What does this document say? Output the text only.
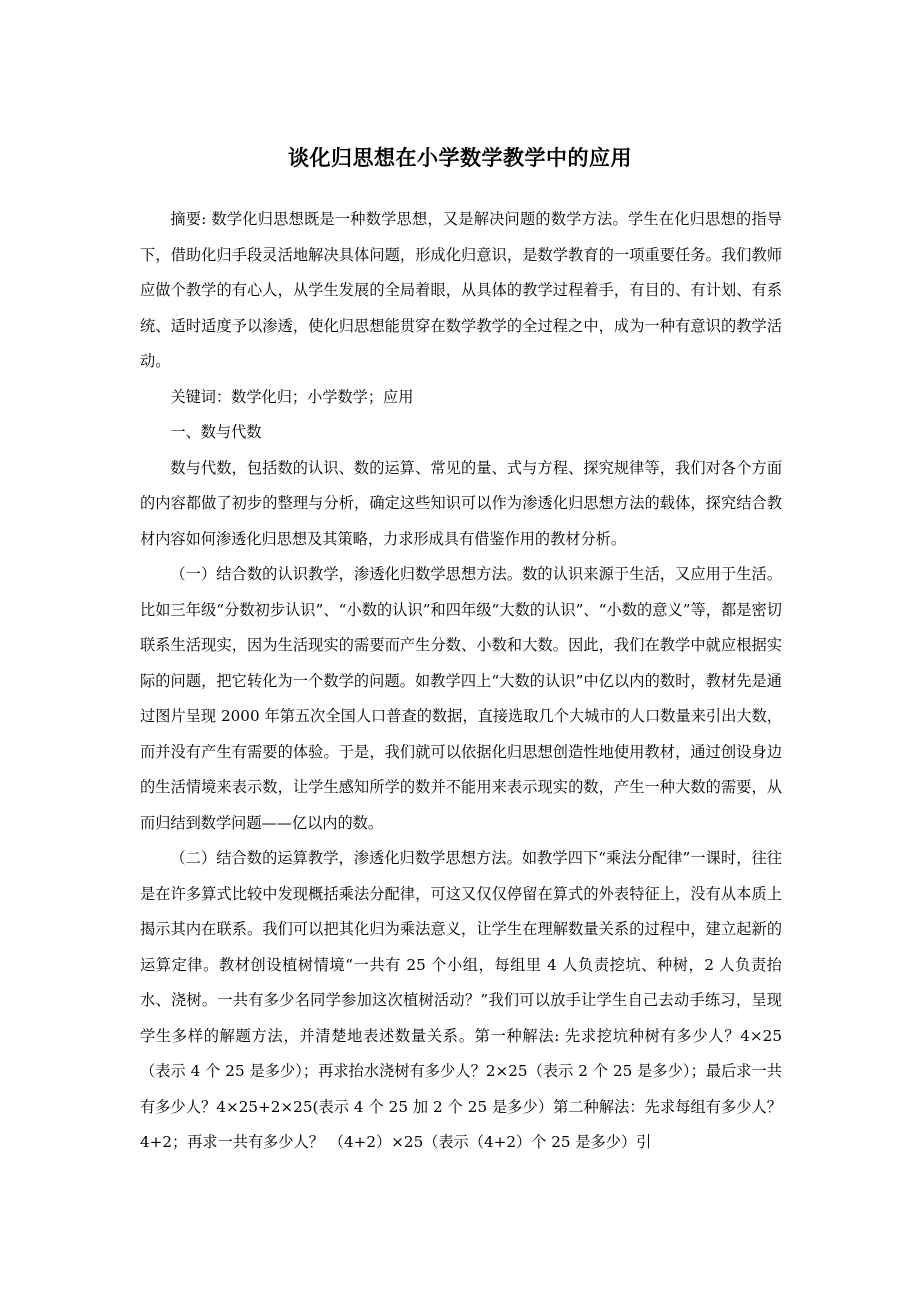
谈化归思想在小学数学教学中的应用

摘要: 数学化归思想既是一种数学思想，又是解决问题的数学方法。学生在化归思想的指导下，借助化归手段灵活地解决具体问题，形成化归意识，是数学教育的一项重要任务。我们教师应做个教学的有心人，从学生发展的全局着眼，从具体的教学过程着手，有目的、有计划、有系统、适时适度予以渗透，使化归思想能贯穿在数学教学的全过程之中，成为一种有意识的教学活动。

关键词：数学化归；小学数学；应用

一、数与代数

数与代数，包括数的认识、数的运算、常见的量、式与方程、探究规律等，我们对各个方面的内容都做了初步的整理与分析，确定这些知识可以作为渗透化归思想方法的载体，探究结合教材内容如何渗透化归思想及其策略，力求形成具有借鉴作用的教材分析。

（一）结合数的认识教学，渗透化归数学思想方法。数的认识来源于生活，又应用于生活。比如三年级“分数初步认识”、“小数的认识”和四年级“大数的认识”、“小数的意义”等，都是密切联系生活现实，因为生活现实的需要而产生分数、小数和大数。因此，我们在教学中就应根据实际的问题，把它转化为一个数学的问题。如教学四上“大数的认识”中亿以内的数时，教材先是通过图片呈现 2000 年第五次全国人口普查的数据，直接选取几个大城市的人口数量来引出大数，而并没有产生有需要的体验。于是，我们就可以依据化归思想创造性地使用教材，通过创设身边的生活情境来表示数，让学生感知所学的数并不能用来表示现实的数，产生一种大数的需要，从而归结到数学问题——亿以内的数。

（二）结合数的运算教学，渗透化归数学思想方法。如教学四下“乘法分配律”一课时，往往是在许多算式比较中发现概括乘法分配律，可这又仅仅停留在算式的外表特征上，没有从本质上揭示其内在联系。我们可以把其化归为乘法意义，让学生在理解数量关系的过程中，建立起新的运算定律。教材创设植树情境“一共有 25 个小组，每组里 4 人负责挖坑、种树，2 人负责抬水、浇树。一共有多少名同学参加这次植树活动？”我们可以放手让学生自己去动手练习，呈现学生多样的解题方法，并清楚地表述数量关系。第一种解法: 先求挖坑种树有多少人？4×25（表示 4 个 25 是多少）；再求抬水浇树有多少人？2×25（表示 2 个 25 是多少）；最后求一共有多少人？4×25+2×25(表示 4 个 25 加 2 个 25 是多少）第二种解法：先求每组有多少人？4+2；再求一共有多少人？ （4+2）×25（表示（4+2）个 25 是多少）引
